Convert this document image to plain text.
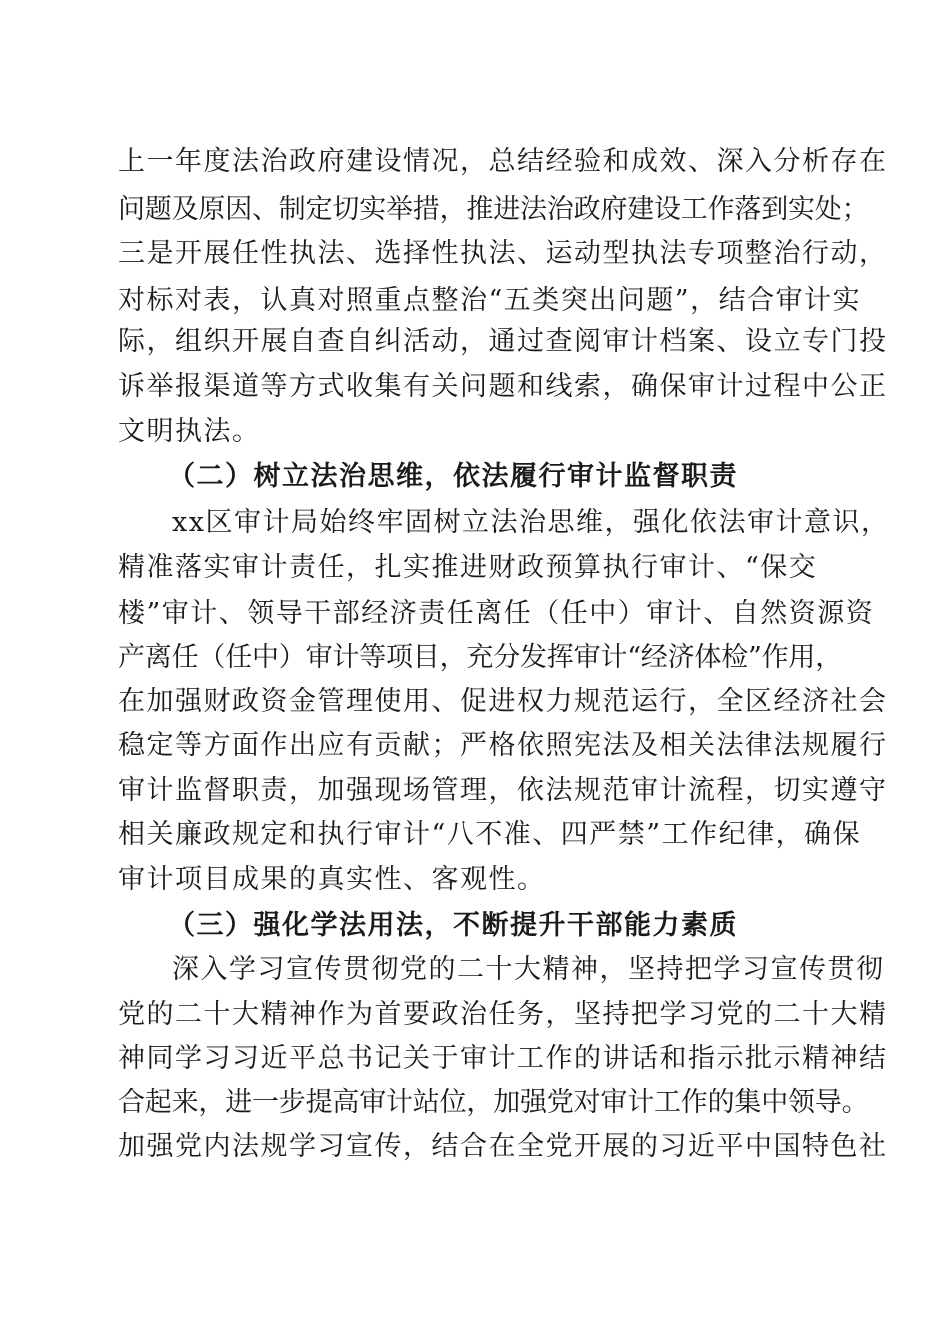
上一年度法治政府建设情况，总结经验和成效、深入分析存在
问题及原因、制定切实举措，推进法治政府建设工作落到实处；
三是开展任性执法、选择性执法、运动型执法专项整治行动，
对标对表，认真对照重点整治“五类突出问题”，结合审计实
际，组织开展自查自纠活动，通过查阅审计档案、设立专门投
诉举报渠道等方式收集有关问题和线索，确保审计过程中公正
文明执法。
（二）树立法治思维，依法履行审计监督职责
xx区审计局始终牢固树立法治思维，强化依法审计意识，
精准落实审计责任，扎实推进财政预算执行审计、“保交
楼”审计、领导干部经济责任离任（任中）审计、自然资源资
产离任（任中）审计等项目，充分发挥审计“经济体检”作用，
在加强财政资金管理使用、促进权力规范运行，全区经济社会
稳定等方面作出应有贡献；严格依照宪法及相关法律法规履行
审计监督职责，加强现场管理，依法规范审计流程，切实遵守
相关廉政规定和执行审计“八不准、四严禁”工作纪律，确保
审计项目成果的真实性、客观性。
（三）强化学法用法，不断提升干部能力素质
深入学习宣传贯彻党的二十大精神，坚持把学习宣传贯彻
党的二十大精神作为首要政治任务，坚持把学习党的二十大精
神同学习习近平总书记关于审计工作的讲话和指示批示精神结
合起来，进一步提高审计站位，加强党对审计工作的集中领导。
加强党内法规学习宣传，结合在全党开展的习近平中国特色社
